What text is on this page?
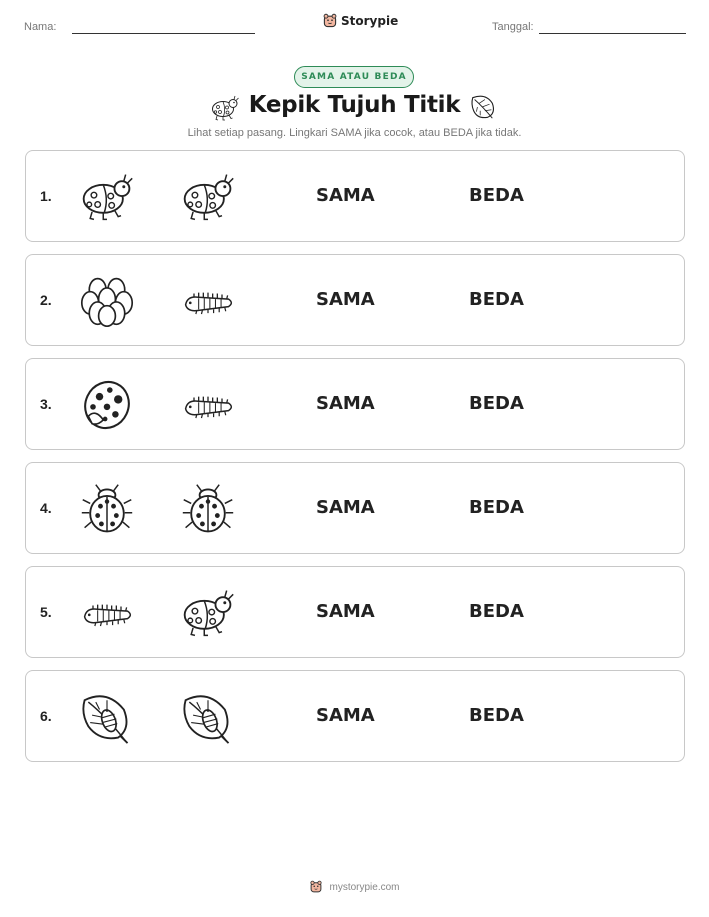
Nama:	Storypie	Tanggal:
SAMA ATAU BEDA
Kepik Tujuh Titik
Lihat setiap pasang. Lingkari SAMA jika cocok, atau BEDA jika tidak.
1.	SAMA	BEDA
2.	SAMA	BEDA
3.	SAMA	BEDA
4.	SAMA	BEDA
5.	SAMA	BEDA
6.	SAMA	BEDA
mystorypie.com
